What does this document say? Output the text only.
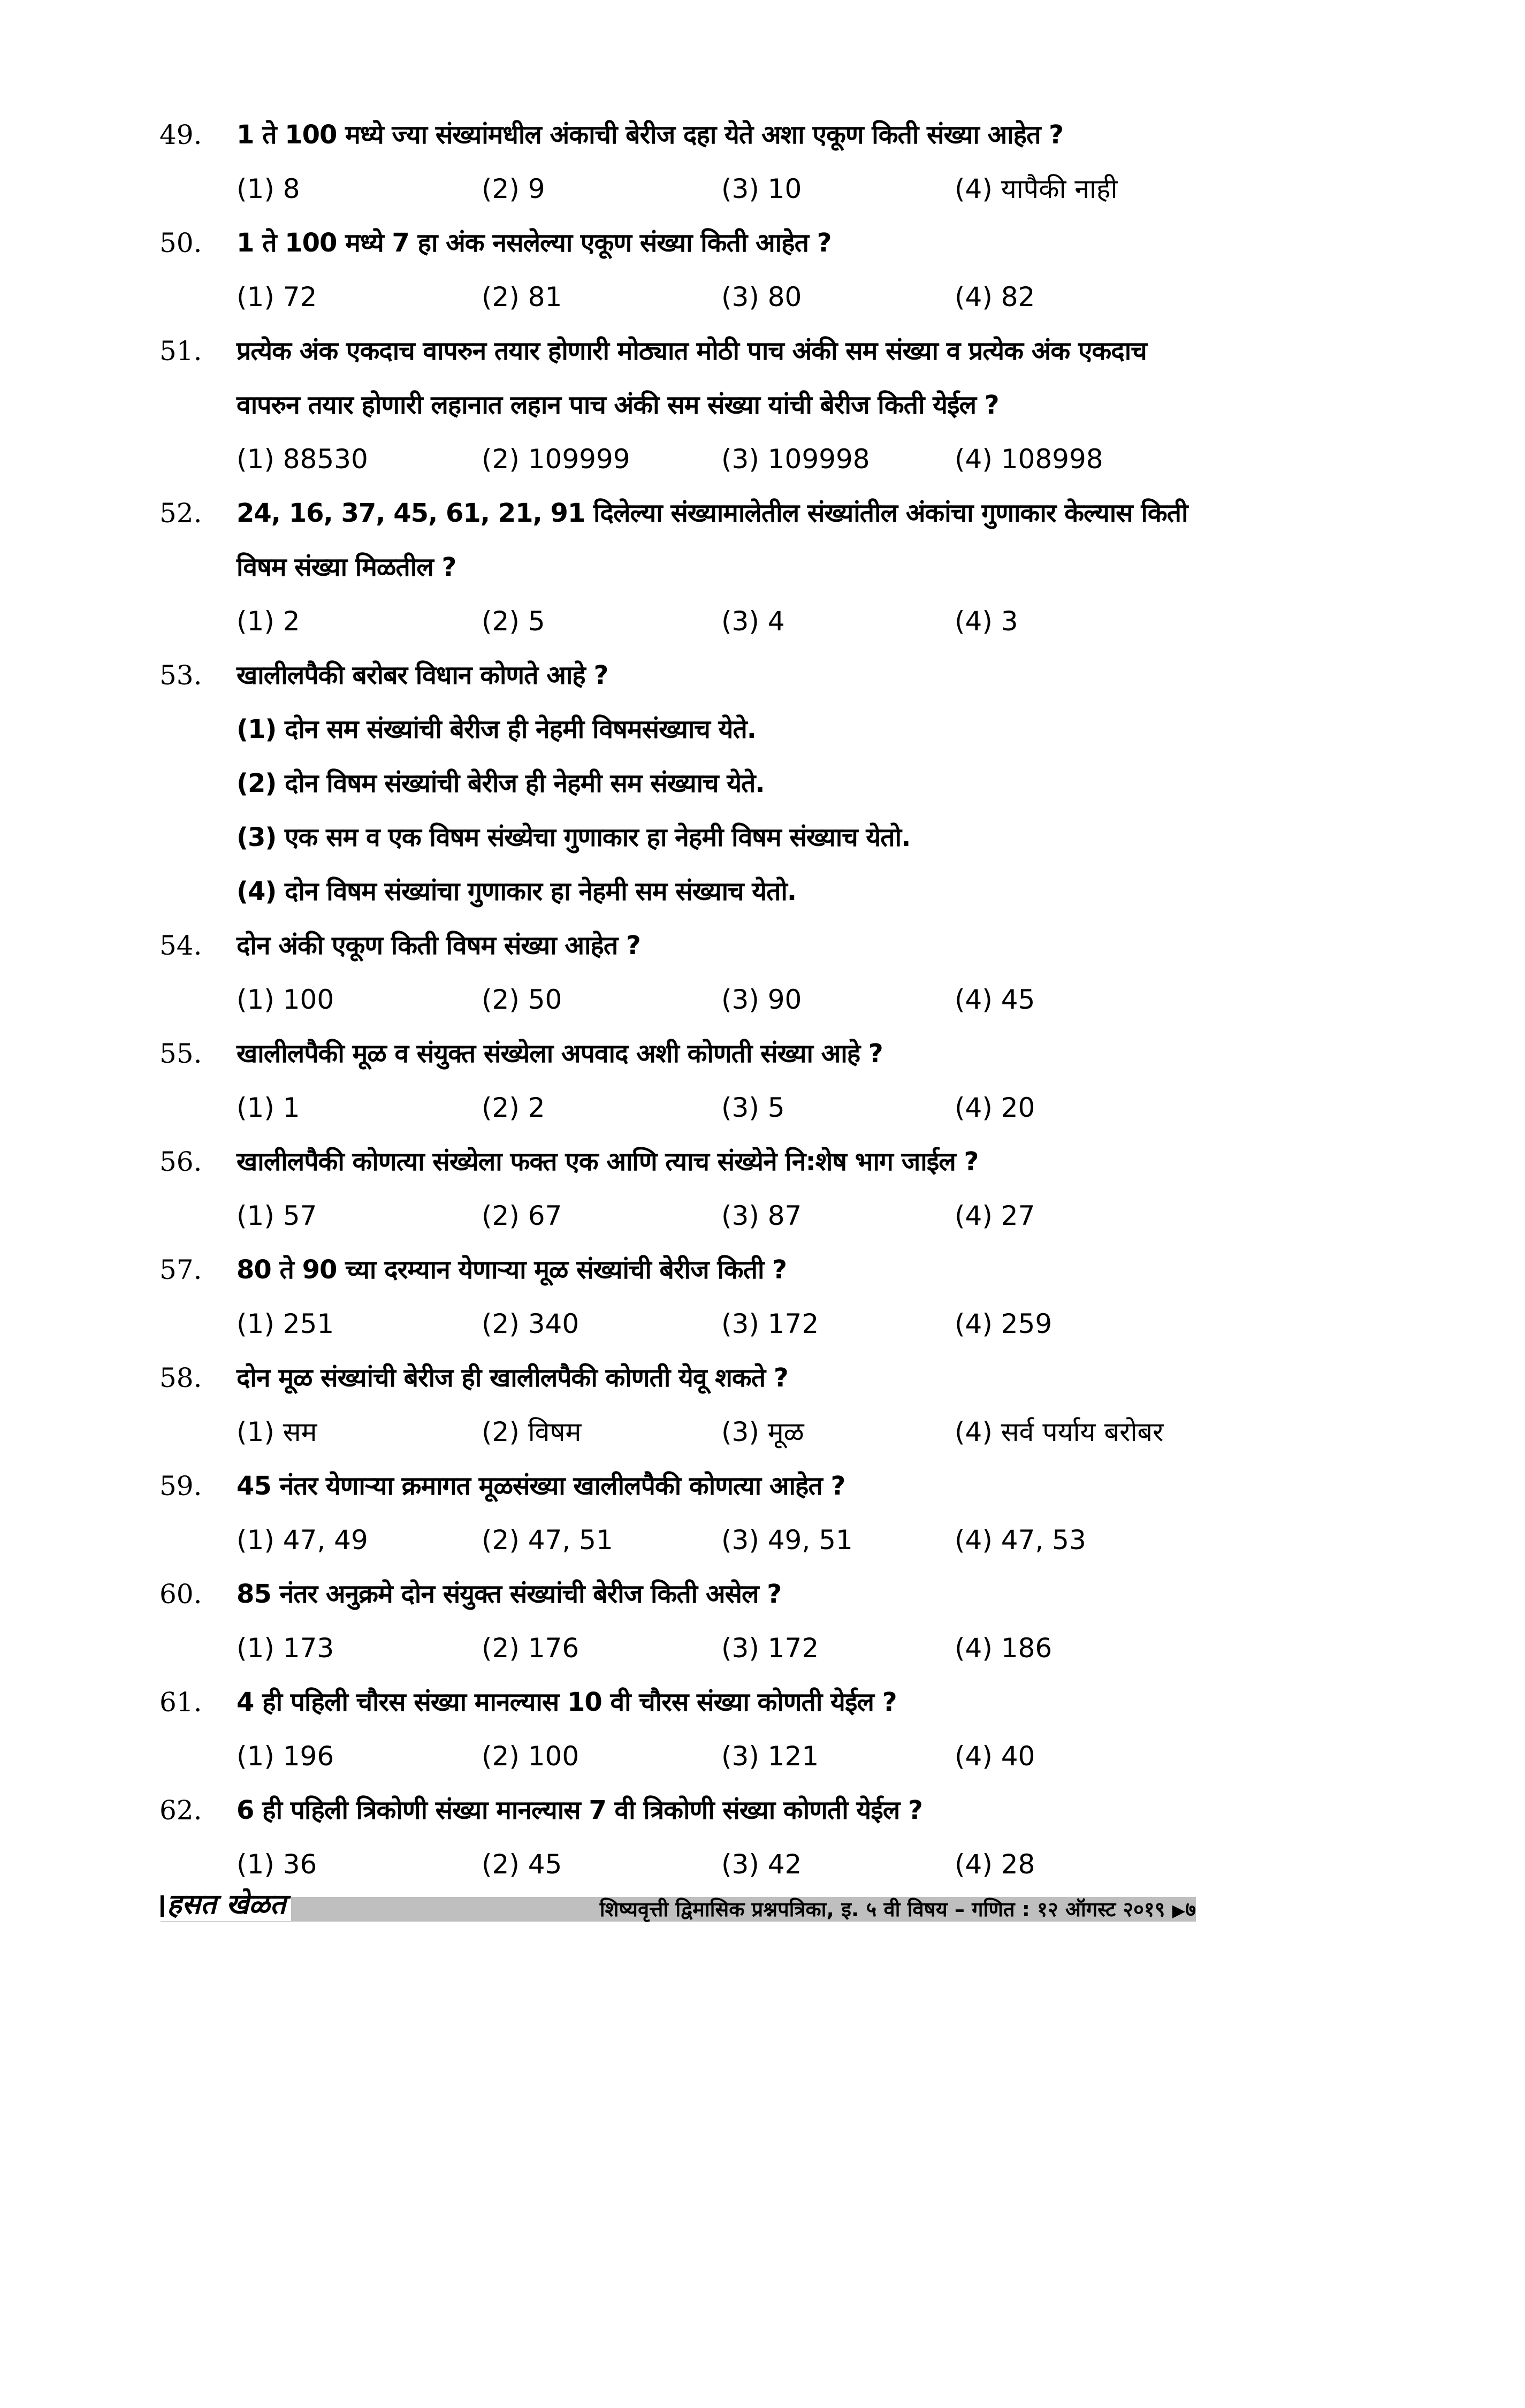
49. 1 ते 100 मध्ये ज्या संख्यांमधील अंकाची बेरीज दहा येते अशा एकूण किती संख्या आहेत ?
(1) 8	(2) 9	(3) 10	(4) यापैकी नाही
50. 1 ते 100 मध्ये 7 हा अंक नसलेल्या एकूण संख्या किती आहेत ?
(1) 72	(2) 81	(3) 80	(4) 82
51. प्रत्येक अंक एकदाच वापरुन तयार होणारी मोठ्यात मोठी पाच अंकी सम संख्या व प्रत्येक अंक एकदाच
वापरुन तयार होणारी लहानात लहान पाच अंकी सम संख्या यांची बेरीज किती येईल ?
(1) 88530	(2) 109999	(3) 109998	(4) 108998
52. 24, 16, 37, 45, 61, 21, 91 दिलेल्या संख्यामालेतील संख्यांतील अंकांचा गुणाकार केल्यास किती
विषम संख्या मिळतील ?
(1) 2	(2) 5	(3) 4	(4) 3
53. खालीलपैकी बरोबर विधान कोणते आहे ?
(1) दोन सम संख्यांची बेरीज ही नेहमी विषमसंख्याच येते.
(2) दोन विषम संख्यांची बेरीज ही नेहमी सम संख्याच येते.
(3) एक सम व एक विषम संख्येचा गुणाकार हा नेहमी विषम संख्याच येतो.
(4) दोन विषम संख्यांचा गुणाकार हा नेहमी सम संख्याच येतो.
54. दोन अंकी एकूण किती विषम संख्या आहेत ?
(1) 100	(2) 50	(3) 90	(4) 45
55. खालीलपैकी मूळ व संयुक्त संख्येला अपवाद अशी कोणती संख्या आहे ?
(1) 1	(2) 2	(3) 5	(4) 20
56. खालीलपैकी कोणत्या संख्येला फक्त एक आणि त्याच संख्येने नि:शेष भाग जाईल ?
(1) 57	(2) 67	(3) 87	(4) 27
57. 80 ते 90 च्या दरम्यान येणाऱ्या मूळ संख्यांची बेरीज किती ?
(1) 251	(2) 340	(3) 172	(4) 259
58. दोन मूळ संख्यांची बेरीज ही खालीलपैकी कोणती येवू शकते ?
(1) सम	(2) विषम	(3) मूळ	(4) सर्व पर्याय बरोबर
59. 45 नंतर येणाऱ्या क्रमागत मूळसंख्या खालीलपैकी कोणत्या आहेत ?
(1) 47, 49	(2) 47, 51	(3) 49, 51	(4) 47, 53
60. 85 नंतर अनुक्रमे दोन संयुक्त संख्यांची बेरीज किती असेल ?
(1) 173	(2) 176	(3) 172	(4) 186
61. 4 ही पहिली चौरस संख्या मानल्यास 10 वी चौरस संख्या कोणती येईल ?
(1) 196	(2) 100	(3) 121	(4) 40
62. 6 ही पहिली त्रिकोणी संख्या मानल्यास 7 वी त्रिकोणी संख्या कोणती येईल ?
(1) 36	(2) 45	(3) 42	(4) 28
हसत खेळत	शिष्यवृत्ती द्विमासिक प्रश्नपत्रिका, इ. ५ वी विषय – गणित : १२ ऑगस्ट २०१९ ▶७
